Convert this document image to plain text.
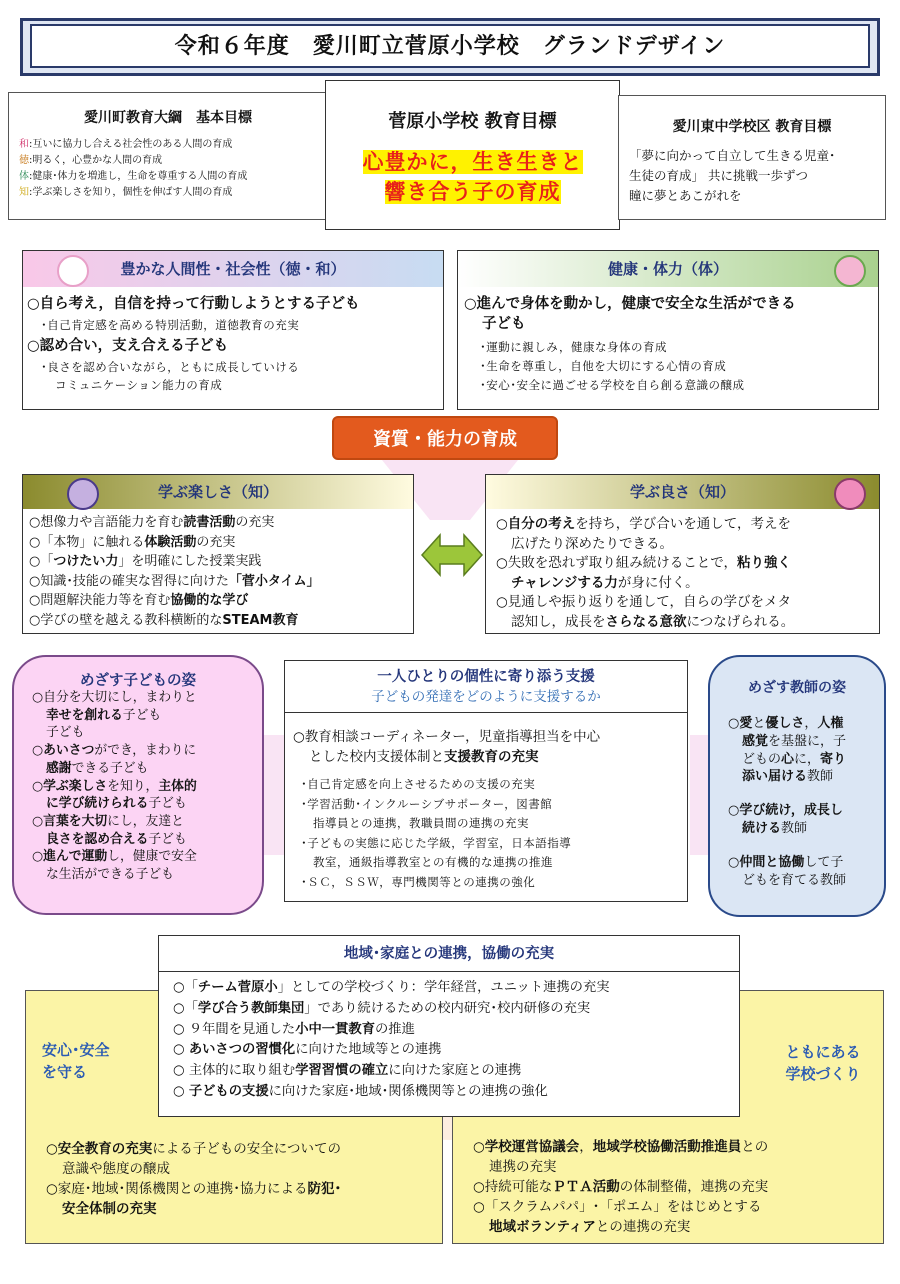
令和６年度　愛川町立菅原小学校　グランドデザイン
愛川町教育大綱　基本目標
和:互いに協力し合える社会性のある人間の育成
徳:明るく，心豊かな人間の育成
体:健康･体力を増進し，生命を尊重する人間の育成
知:学ぶ楽しさを知り，個性を伸ばす人間の育成
菅原小学校 教育目標
心豊かに，生き生きと
響き合う子の育成
愛川東中学校区 教育目標
「夢に向かって自立して生きる児童･
生徒の育成」 共に挑戦一歩ずつ
瞳に夢とあこがれを
豊かな人間性・社会性（徳・和）
○自ら考え，自信を持って行動しようとする子ども
･自己肯定感を高める特別活動，道徳教育の充実
○認め合い，支え合える子ども
･良さを認め合いながら，ともに成長していける
コミュニケーション能力の育成
健康・体力（体）
○進んで身体を動かし，健康で安全な生活ができる
子ども
･運動に親しみ，健康な身体の育成
･生命を尊重し，自他を大切にする心情の育成
･安心･安全に過ごせる学校を自ら創る意識の醸成
資質・能力の育成
学ぶ楽しさ（知）
○想像力や言語能力を育む読書活動の充実
○「本物」に触れる体験活動の充実
○「つけたい力」を明確にした授業実践
○知識･技能の確実な習得に向けた「菅小タイム」
○問題解決能力等を育む協働的な学び
○学びの壁を越える教科横断的なSTEAM教育
学ぶ良さ（知）
○自分の考えを持ち，学び合いを通して，考えを
広げたり深めたりできる。
○失敗を恐れず取り組み続けることで，粘り強く
チャレンジする力が身に付く。
○見通しや振り返りを通して，自らの学びをメタ
認知し，成長をさらなる意欲につなげられる。
めざす子どもの姿
○自分を大切にし，まわりと
幸せを創れる子ども
子ども
○あいさつができ，まわりに
感謝できる子ども
○学ぶ楽しさを知り，主体的
に学び続けられる子ども
○言葉を大切にし，友達と
良さを認め合える子ども
○進んで運動し，健康で安全
な生活ができる子ども
一人ひとりの個性に寄り添う支援
子どもの発達をどのように支援するか
○教育相談コーディネーター，児童指導担当を中心
とした校内支援体制と支援教育の充実
･自己肯定感を向上させるための支援の充実
･学習活動･インクルーシブサポーター，図書館
指導員との連携，教職員間の連携の充実
･子どもの実態に応じた学級，学習室，日本語指導
教室，通級指導教室との有機的な連携の推進
･ＳＣ，ＳＳＷ，専門機関等との連携の強化
めざす教師の姿
○愛と優しさ，人権
感覚を基盤に，子
どもの心に，寄り
添い届ける教師
○学び続け，成長し
続ける教師
○仲間と協働して子
どもを育てる教師
安心･安全
を守る
○安全教育の充実による子どもの安全についての
意識や態度の醸成
○家庭･地域･関係機関との連携･協力による防犯･
安全体制の充実
ともにある
学校づくり
○学校運営協議会，地域学校協働活動推進員との
連携の充実
○持続可能なＰＴＡ活動の体制整備，連携の充実
○「スクラムパパ」･「ポエム」をはじめとする
地域ボランティアとの連携の充実
地域･家庭との連携，協働の充実
○「チーム菅原小」としての学校づくり：学年経営，ユニット連携の充実
○「学び合う教師集団」であり続けるための校内研究･校内研修の充実
○ ９年間を見通した小中一貫教育の推進
○ あいさつの習慣化に向けた地域等との連携
○ 主体的に取り組む学習習慣の確立に向けた家庭との連携
○ 子どもの支援に向けた家庭･地域･関係機関等との連携の強化
